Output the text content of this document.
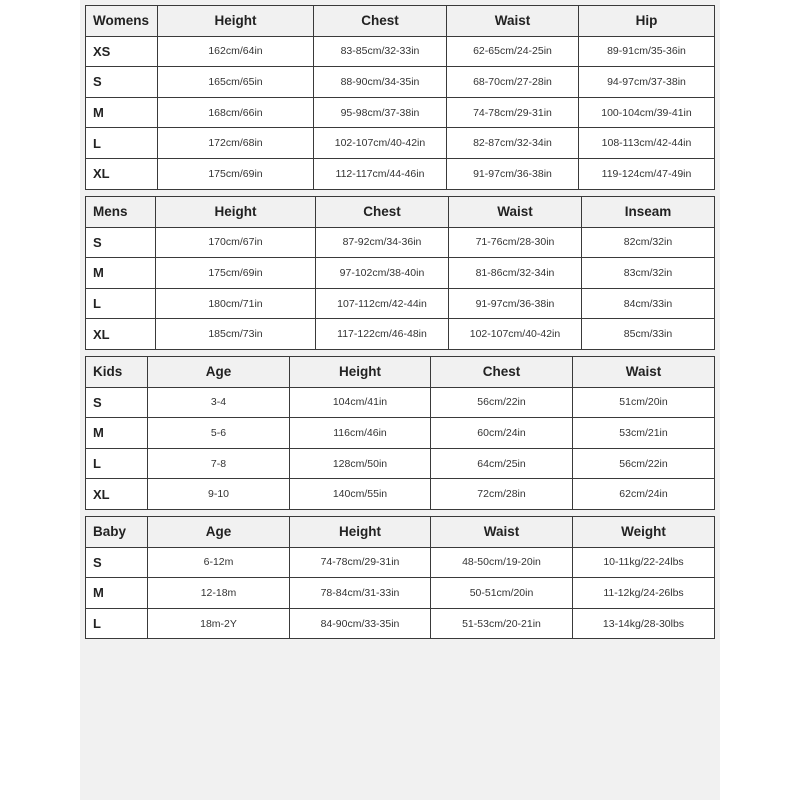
Womens	Height	Chest	Waist	Hip
XS	162cm/64in	83-85cm/32-33in	62-65cm/24-25in	89-91cm/35-36in
S	165cm/65in	88-90cm/34-35in	68-70cm/27-28in	94-97cm/37-38in
M	168cm/66in	95-98cm/37-38in	74-78cm/29-31in	100-104cm/39-41in
L	172cm/68in	102-107cm/40-42in	82-87cm/32-34in	108-113cm/42-44in
XL	175cm/69in	112-117cm/44-46in	91-97cm/36-38in	119-124cm/47-49in
Mens	Height	Chest	Waist	Inseam
S	170cm/67in	87-92cm/34-36in	71-76cm/28-30in	82cm/32in
M	175cm/69in	97-102cm/38-40in	81-86cm/32-34in	83cm/32in
L	180cm/71in	107-112cm/42-44in	91-97cm/36-38in	84cm/33in
XL	185cm/73in	117-122cm/46-48in	102-107cm/40-42in	85cm/33in
Kids	Age	Height	Chest	Waist
S	3-4	104cm/41in	56cm/22in	51cm/20in
M	5-6	116cm/46in	60cm/24in	53cm/21in
L	7-8	128cm/50in	64cm/25in	56cm/22in
XL	9-10	140cm/55in	72cm/28in	62cm/24in
Baby	Age	Height	Waist	Weight
S	6-12m	74-78cm/29-31in	48-50cm/19-20in	10-11kg/22-24lbs
M	12-18m	78-84cm/31-33in	50-51cm/20in	11-12kg/24-26lbs
L	18m-2Y	84-90cm/33-35in	51-53cm/20-21in	13-14kg/28-30lbs
